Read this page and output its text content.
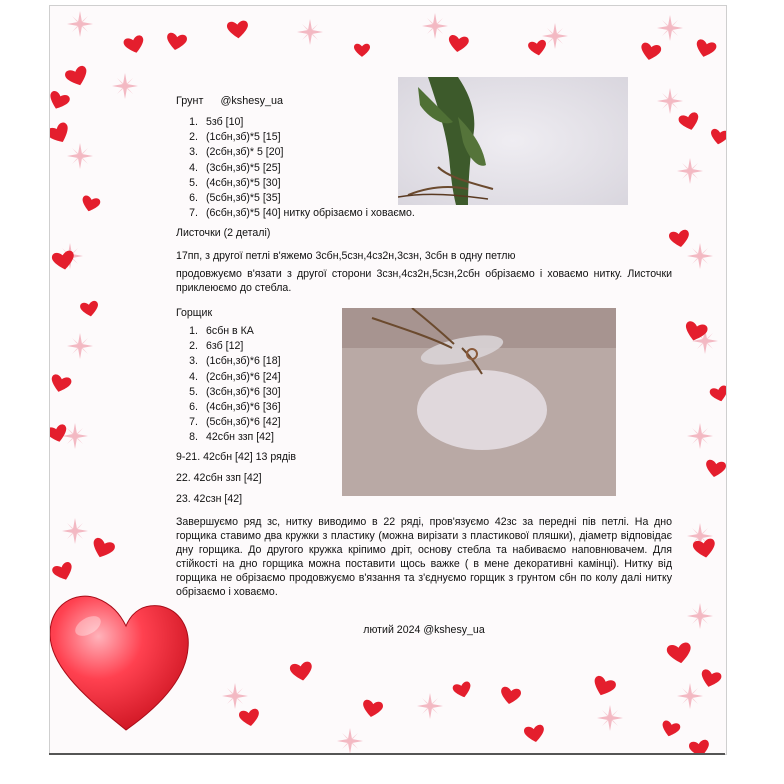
Грунт @kshesy_ua
1. 5зб [10]
2. (1сбн,зб)*5 [15]
3. (2сбн,зб)* 5 [20]
4. (3сбн,зб)*5 [25]
5. (4сбн,зб)*5 [30]
6. (5сбн,зб)*5 [35]
7. (6сбн,зб)*5 [40] нитку обрізаємо і ховаємо.
Листочки (2 деталі)
17пп, з другої петлі в'яжемо 3сбн,5сзн,4сз2н,3сзн, 3сбн в одну петлю
продовжуємо в'язати з другої сторони 3сзн,4сз2н,5сзн,2сбн обрізаємо і ховаємо нитку. Листочки приклеюємо до стебла.
Горщик
1. 6сбн в КА
2. 6зб [12]
3. (1сбн,зб)*6 [18]
4. (2сбн,зб)*6 [24]
5. (3сбн,зб)*6 [30]
6. (4сбн,зб)*6 [36]
7. (5сбн,зб)*6 [42]
8. 42сбн ззп [42]
9-21. 42сбн [42] 13 рядів
22. 42сбн ззп [42]
23. 42сзн [42]
Завершуємо ряд зс, нитку виводимо в 22 ряді, пров'язуємо 42зс за передні пів петлі. На дно горщика ставимо два кружки з пластику (можна вирізати з пластикової пляшки), діаметр відповідає дну горщика. До другого кружка кріпимо дріт, основу стебла та набиваємо наповнювачем. Для стійкості на дно горщика можна поставити щось важке ( в мене декоративні камінці). Нитку від горщика не обрізаємо продовжуємо в'язання та з'єднуємо горщик з грунтом сбн по колу далі нитку обрізаємо і ховаємо.
лютий 2024 @kshesy_ua
